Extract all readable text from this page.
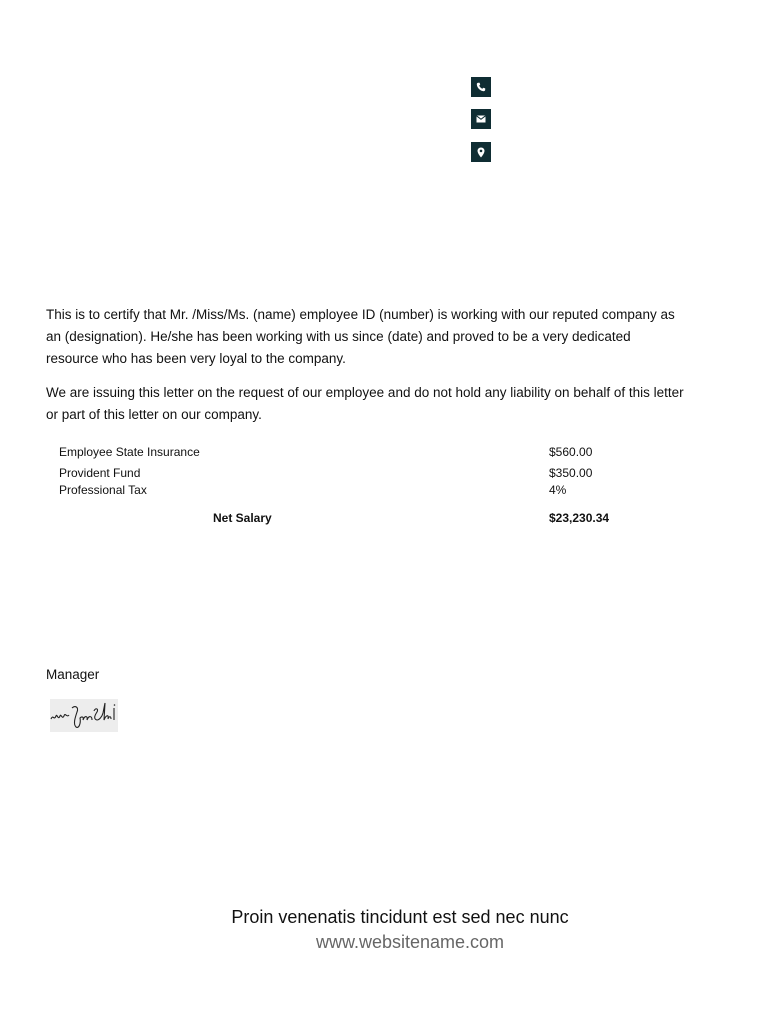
This is to certify that Mr. /Miss/Ms. (name) employee ID (number) is working with our reputed company as an (designation). He/she has been working with us since (date) and proved to be a very dedicated resource who has been very loyal to the company.

We are issuing this letter on the request of our employee and do not hold any liability on behalf of this letter or part of this letter on our company.

Employee State Insurance	$560.00
Provident Fund	$350.00
Professional Tax	4%
Net Salary	$23,230.34
Manager
Proin venenatis tincidunt est sed nec nunc
www.websitename.com
